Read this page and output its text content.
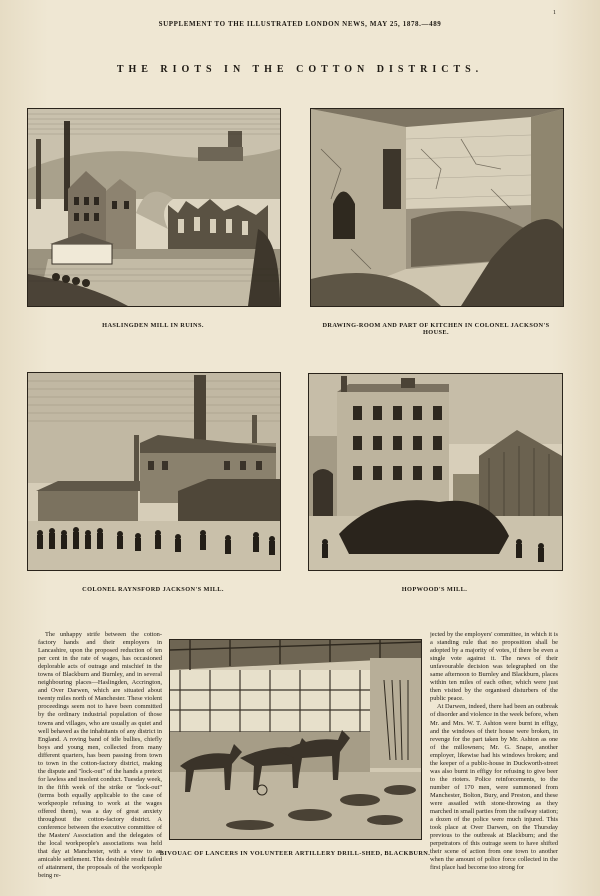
SUPPLEMENT TO THE ILLUSTRATED LONDON NEWS, MAY 25, 1878.—489
1
THE RIOTS IN THE COTTON DISTRICTS.
HASLINGDEN MILL IN RUINS.	DRAWING-ROOM AND PART OF KITCHEN IN COLONEL JACKSON'S HOUSE.
COLONEL RAYNSFORD JACKSON'S MILL.	HOPWOOD'S MILL.

The unhappy strife between the cotton-factory hands and their employers in Lancashire, upon the proposed reduction of ten per cent in the rate of wages, has occasioned deplorable acts of outrage and mischief in the towns of Blackburn and Burnley, and in several neighbouring places—Haslingden, Accrington, and Over Darwen, which are situated about twenty miles north of Manchester. These violent proceedings seem not to have been committed by the ordinary industrial population of those towns and villages, who are usually as quiet and well behaved as the inhabitants of any district in England. A roving band of idle bullies, chiefly boys and young men, collected from many different quarters, has been passing from town to town in the cotton-factory district, making the dispute and "lock-out" of the hands a pretext for lawless and insolent conduct. Tuesday week, in the fifth week of the strike or "lock-out" (terms both equally applicable to the case of workpeople refusing to work at the wages offered them), was a day of great anxiety throughout the cotton-factory district. A conference between the executive committee of the Masters' Association and the delegates of the local workpeople's associations was held that day at Manchester, with a view to an amicable settlement. This desirable result failed of attainment, the proposals of the workpeople being re-

BIVOUAC OF LANCERS IN VOLUNTEER ARTILLERY DRILL-SHED, BLACKBURN.

jected by the employers' committee, in which it is a standing rule that no proposition shall be adopted by a majority of votes, if there be even a single vote against it. The news of their unfavourable decision was telegraphed on the same afternoon to Burnley and Blackburn, places within ten miles of each other, which were just then visited by the organised disturbers of the public peace.

At Darwen, indeed, there had been an outbreak of disorder and violence in the week before, when Mr. and Mrs. W. T. Ashton were burnt in effigy, and the windows of their house were broken, in revenge for the part taken by Mr. Ashton as one of the millowners; Mr. G. Snape, another employer, likewise had his windows broken; and the keeper of a public-house in Duckworth-street was also burnt in effigy for refusing to give beer to the rioters. Police reinforcements, to the number of 170 men, were summoned from Manchester, Bolton, Bury, and Preston, and these were assailed with stone-throwing as they marched in small parties from the railway station; a dozen of the police were much injured. This took place at Over Darwen, on the Thursday previous to the outbreak at Blackburn; and the perpetrators of this outrage seem to have shifted their scene of action from one town to another when the amount of police force collected in the first place had become too strong for
